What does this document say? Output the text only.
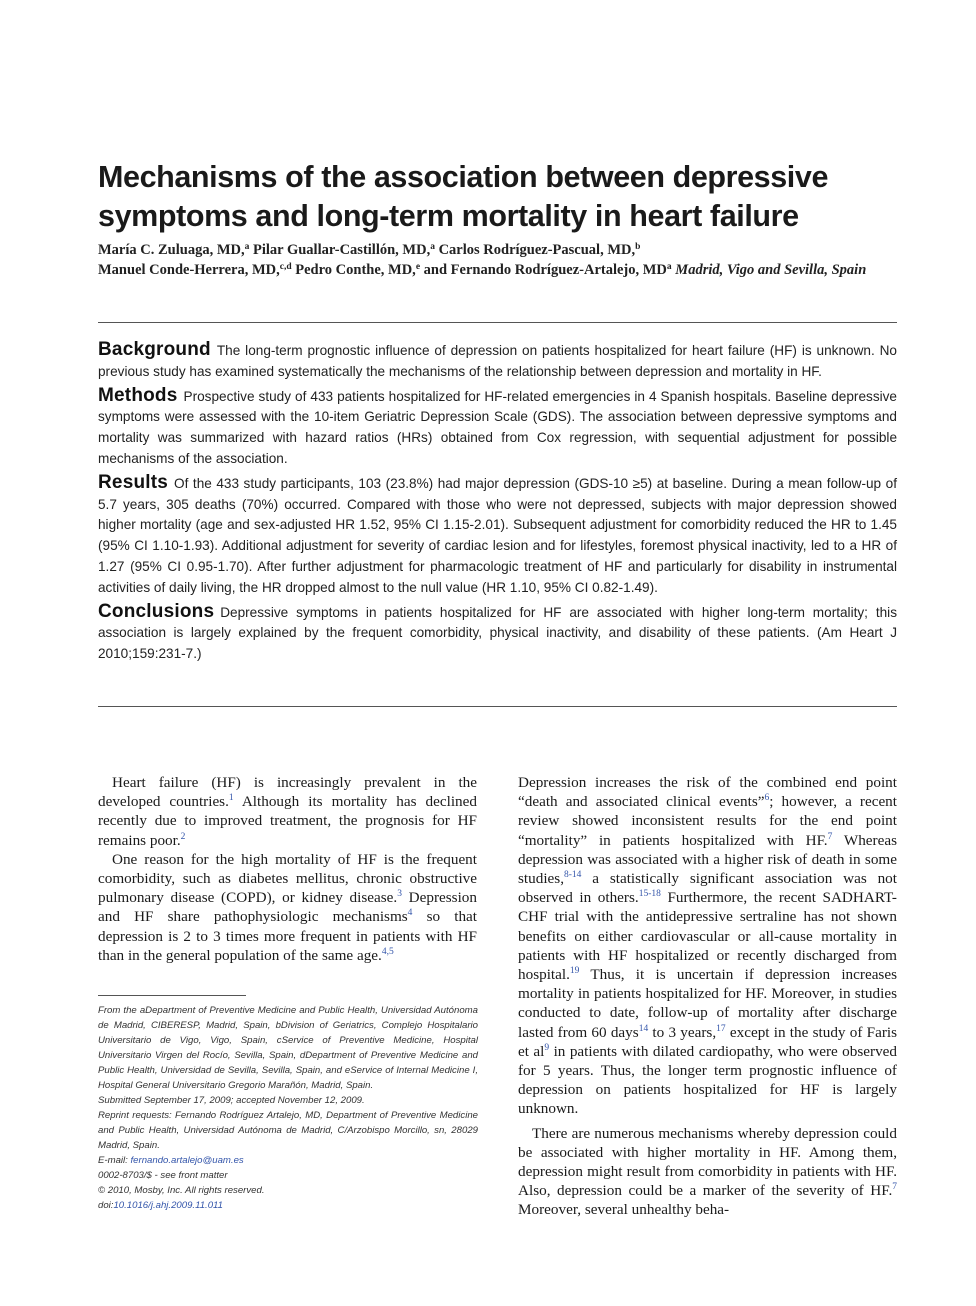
Mechanisms of the association between depressive symptoms and long-term mortality in heart failure
María C. Zuluaga, MD,$^a$ Pilar Guallar-Castillón, MD,$^a$ Carlos Rodríguez-Pascual, MD,$^b$
Manuel Conde-Herrera, MD,$^{c,d}$ Pedro Conthe, MD,$^e$ and Fernando Rodríguez-Artalejo, $MD^a$ Madrid, Vigo and Sevilla, Spain

Background The long-term prognostic influence of depression on patients hospitalized for heart failure (HF) is unknown. No previous study has examined systematically the mechanisms of the relationship between depression and mortality in HF.

Methods Prospective study of 433 patients hospitalized for HF-related emergencies in 4 Spanish hospitals. Baseline depressive symptoms were assessed with the 10-item Geriatric Depression Scale (GDS). The association between depressive symptoms and mortality was summarized with hazard ratios (HRs) obtained from Cox regression, with sequential adjustment for possible mechanisms of the association.

Results Of the 433 study participants, 103 (23.8%) had major depression (GDS-10 ≥5) at baseline. During a mean follow-up of 5.7 years, 305 deaths (70%) occurred. Compared with those who were not depressed, subjects with major depression showed higher mortality (age and sex-adjusted HR 1.52, 95% CI 1.15-2.01). Subsequent adjustment for comorbidity reduced the HR to 1.45 (95% CI 1.10-1.93). Additional adjustment for severity of cardiac lesion and for lifestyles, foremost physical inactivity, led to a HR of 1.27 (95% CI 0.95-1.70). After further adjustment for pharmacologic treatment of HF and particularly for disability in instrumental activities of daily living, the HR dropped almost to the null value (HR 1.10, 95% CI 0.82-1.49).

Conclusions Depressive symptoms in patients hospitalized for HF are associated with higher long-term mortality; this association is largely explained by the frequent comorbidity, physical inactivity, and disability of these patients. (Am Heart J 2010;159:231-7.)

Heart failure (HF) is increasingly prevalent in the developed countries.$^1$ Although its mortality has declined recently due to improved treatment, the prognosis for HF remains poor.$^2$

One reason for the high mortality of HF is the frequent comorbidity, such as diabetes mellitus, chronic obstructive pulmonary disease (COPD), or kidney disease.$^3$ Depression and HF share pathophysiologic mechanisms$^4$ so that depression is 2 to 3 times more frequent in patients with HF than in the general population of the same age.$^{4,5}$

From the aDepartment of Preventive Medicine and Public Health, Universidad Autónoma de Madrid, CIBERESP, Madrid, Spain, bDivision of Geriatrics, Complejo Hospitalario Universitario de Vigo, Vigo, Spain, cService of Preventive Medicine, Hospital Universitario Virgen del Rocío, Sevilla, Spain, dDepartment of Preventive Medicine and Public Health, Universidad de Sevilla, Sevilla, Spain, and eService of Internal Medicine I, Hospital General Universitario Gregorio Marañón, Madrid, Spain.
Submitted September 17, 2009; accepted November 12, 2009.
Reprint requests: Fernando Rodríguez Artalejo, MD, Department of Preventive Medicine and Public Health, Universidad Autónoma de Madrid, C/Arzobispo Morcillo, sn, 28029 Madrid, Spain.
E-mail: fernando.artalejo@uam.es
0002-8703/$ - see front matter
© 2010, Mosby, Inc. All rights reserved.
doi:10.1016/j.ahj.2009.11.011

Depression increases the risk of the combined end point “death and associated clinical events”$^6$; however, a recent review showed inconsistent results for the end point “mortality” in patients hospitalized with HF.$^7$ Whereas depression was associated with a higher risk of death in some studies,$^{8-14}$ a statistically significant association was not observed in others.$^{15-18}$ Furthermore, the recent SADHART-CHF trial with the antidepressive sertraline has not shown benefits on either cardiovascular or all-cause mortality in patients with HF hospitalized or recently discharged from hospital.$^{19}$ Thus, it is uncertain if depression increases mortality in patients hospitalized for HF. Moreover, in studies conducted to date, follow-up of mortality after discharge lasted from 60 days$^{14}$ to 3 years,$^{17}$ except in the study of Faris et $al^9$ in patients with dilated cardiopathy, who were observed for 5 years. Thus, the longer term prognostic influence of depression on patients hospitalized for HF is largely unknown.

There are numerous mechanisms whereby depression could be associated with higher mortality in HF. Among them, depression might result from comorbidity in patients with HF. Also, depression could be a marker of the severity of HF.$^7$ Moreover, several unhealthy beha-
